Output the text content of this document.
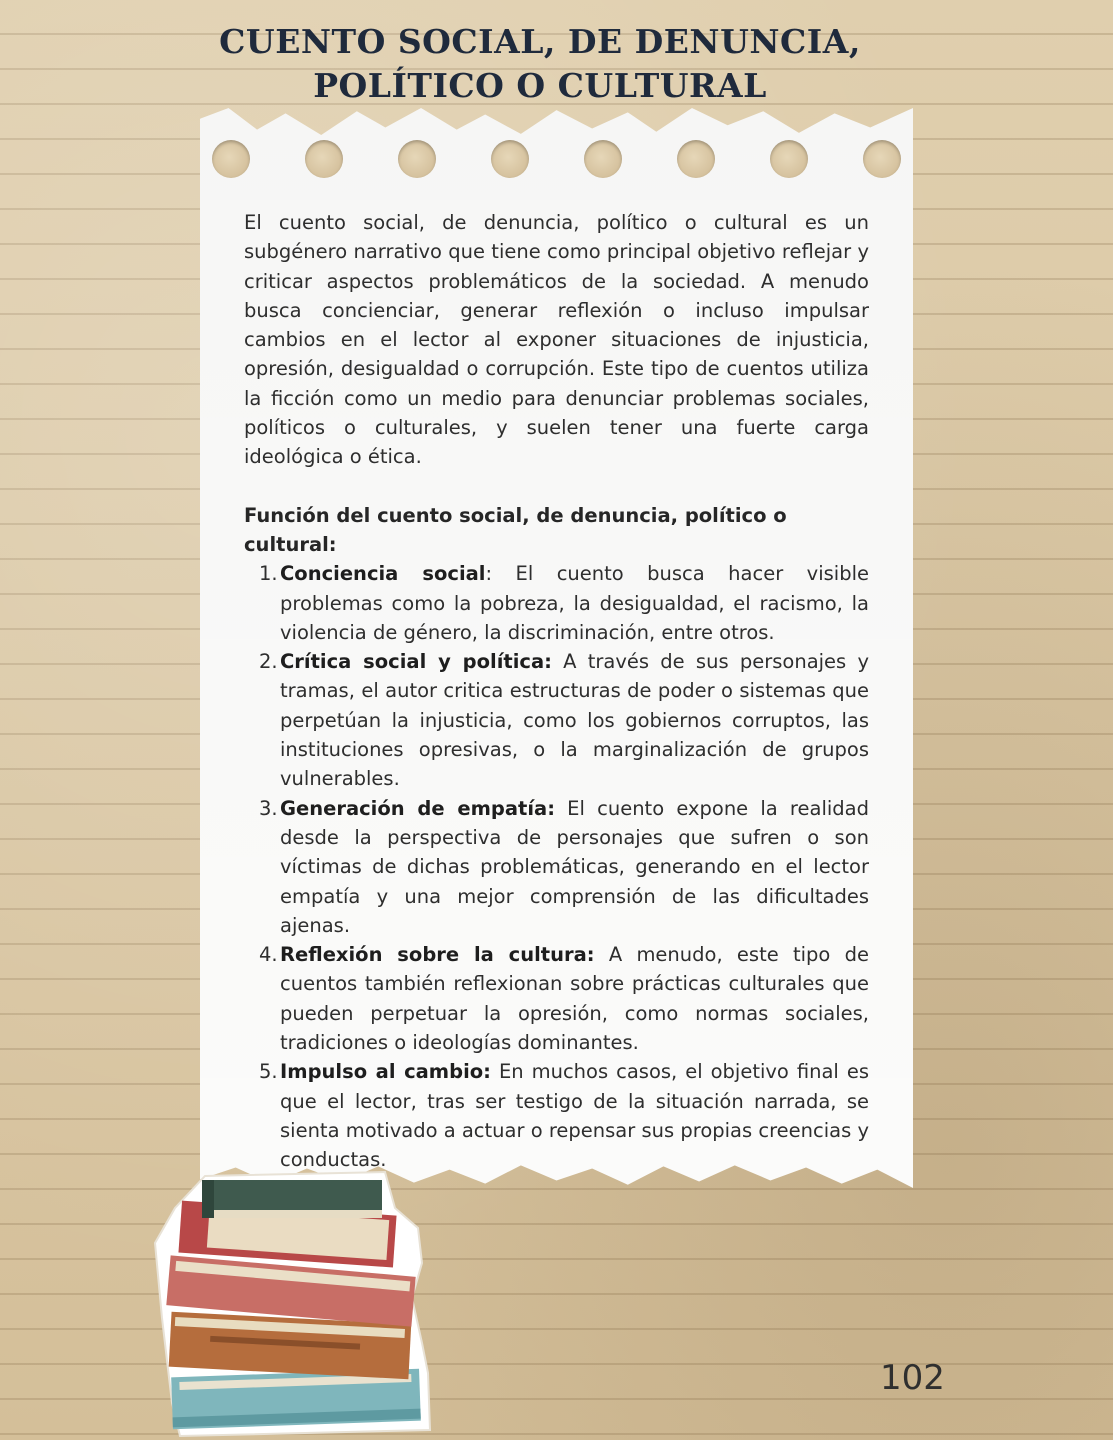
CUENTO SOCIAL, DE DENUNCIA,
POLÍTICO O CULTURAL

El cuento social, de denuncia, político o cultural es un subgénero narrativo que tiene como principal objetivo reflejar y criticar aspectos problemáticos de la sociedad. A menudo busca concienciar, generar reflexión o incluso impulsar cambios en el lector al exponer situaciones de injusticia, opresión, desigualdad o corrupción. Este tipo de cuentos utiliza la ficción como un medio para denunciar problemas sociales, políticos o culturales, y suelen tener una fuerte carga ideológica o ética.

Función del cuento social, de denuncia, político o cultural:

1. Conciencia social: El cuento busca hacer visible problemas como la pobreza, la desigualdad, el racismo, la violencia de género, la discriminación, entre otros.
2. Crítica social y política: A través de sus personajes y tramas, el autor critica estructuras de poder o sistemas que perpetúan la injusticia, como los gobiernos corruptos, las instituciones opresivas, o la marginalización de grupos vulnerables.
3. Generación de empatía: El cuento expone la realidad desde la perspectiva de personajes que sufren o son víctimas de dichas problemáticas, generando en el lector empatía y una mejor comprensión de las dificultades ajenas.
4. Reflexión sobre la cultura: A menudo, este tipo de cuentos también reflexionan sobre prácticas culturales que pueden perpetuar la opresión, como normas sociales, tradiciones o ideologías dominantes.
5. Impulso al cambio: En muchos casos, el objetivo final es que el lector, tras ser testigo de la situación narrada, se sienta motivado a actuar o repensar sus propias creencias y conductas.
102
